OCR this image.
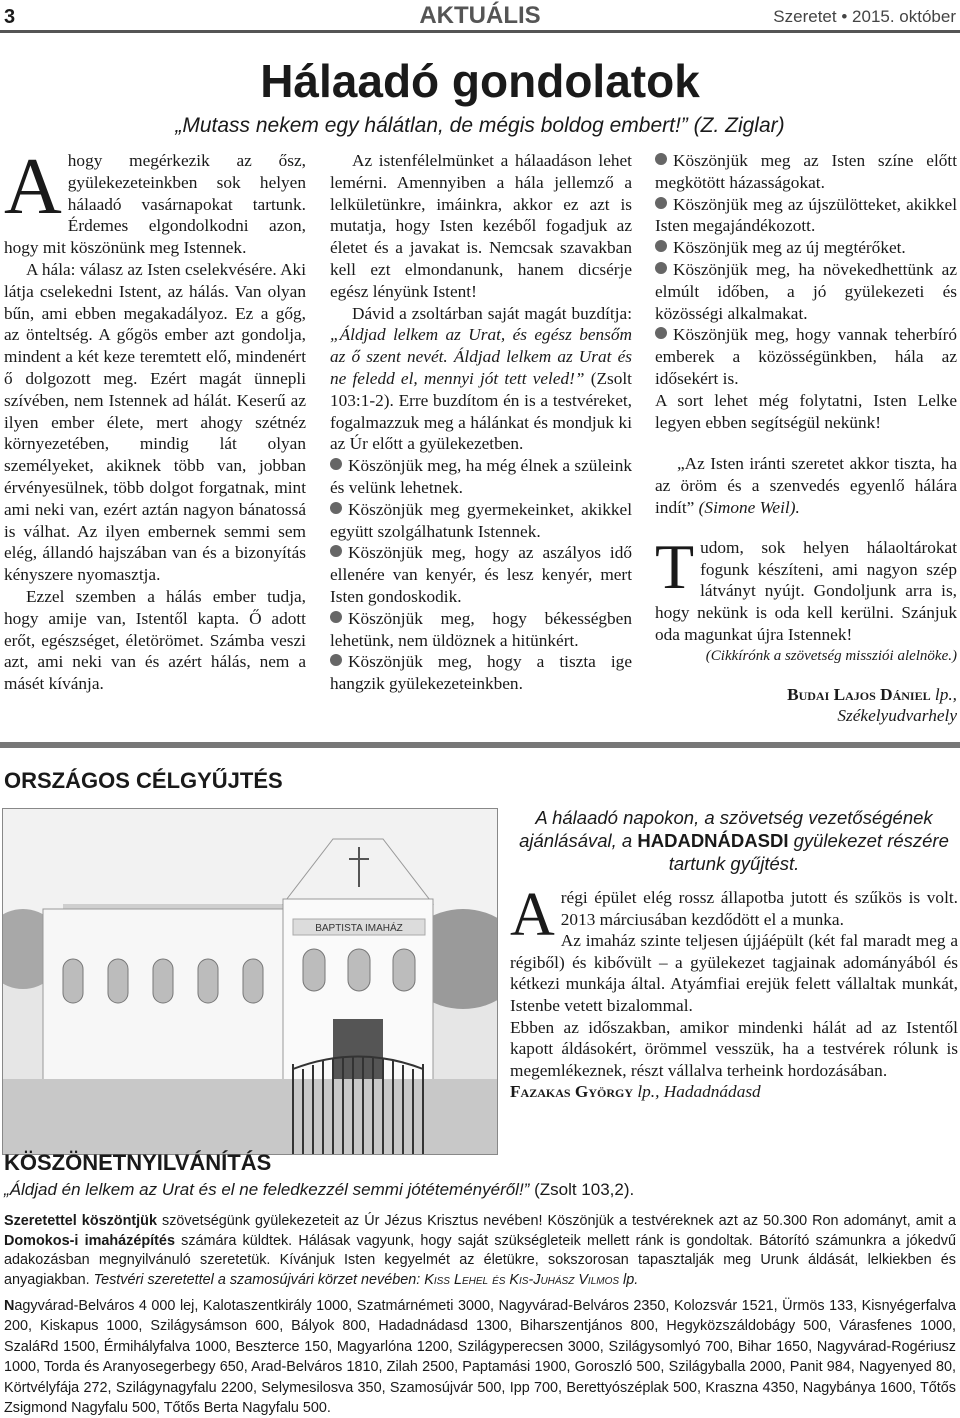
3	AKTUÁLIS	Szeretet • 2015. október
Hálaadó gondolatok
„Mutass nekem egy hálátlan, de mégis boldog embert!” (Z. Ziglar)

Ahogy megérkezik az ősz, gyülekezeteinkben sok helyen hálaadó vasárnapokat tartunk. Érdemes elgondolkodni azon, hogy mit köszönünk meg Istennek.

A hála: válasz az Isten cselekvésére. Aki látja cselekedni Istent, az hálás. Van olyan bűn, ami ebben megakadályoz. Ez a gőg, az önteltség. A gőgös ember azt gondolja, mindent a két keze teremtett elő, mindenért ő dolgozott meg. Ezért magát ünnepli szívében, nem Istennek ad hálát. Keserű az ilyen ember élete, mert ahogy szétnéz környezetében, mindig lát olyan személyeket, akiknek több van, jobban érvényesülnek, több dolgot forgatnak, mint ami neki van, ezért aztán nagyon bánatossá is válhat. Az ilyen embernek semmi sem elég, állandó hajszában van és a bizonyítás kényszere nyomasztja.

Ezzel szemben a hálás ember tudja, hogy amije van, Istentől kapta. Ő adott erőt, egészséget, életörömet. Számba veszi azt, ami neki van és azért hálás, nem a másét kívánja.

Az istenfélelmünket a hálaadáson lehet lemérni. Amennyiben a hála jellemző a lelkületünkre, imáinkra, akkor ez azt is mutatja, hogy Isten kezéből fogadjuk az életet és a javakat is. Nemcsak szavakban kell ezt elmondanunk, hanem dicsérje egész lényünk Istent!

Dávid a zsoltárban saját magát buzdítja: „Áldjad lelkem az Urat, és egész bensőm az ő szent nevét. Áldjad lelkem az Urat és ne feledd el, mennyi jót tett veled!” (Zsolt 103:1-2). Erre buzdítom én is a testvéreket, fogalmazzuk meg a hálánkat és mondjuk ki az Úr előtt a gyülekezetben.

Köszönjük meg, ha még élnek a szüleink és velünk lehetnek.

Köszönjük meg gyermekeinket, akikkel együtt szolgálhatunk Istennek.

Köszönjük meg, hogy az aszályos idő ellenére van kenyér, és lesz kenyér, mert Isten gondoskodik.

Köszönjük meg, hogy békességben lehetünk, nem üldöznek a hitünkért.

Köszönjük meg, hogy a tiszta ige hangzik gyülekezeteinkben.

Köszönjük meg az Isten színe előtt megkötött házasságokat.

Köszönjük meg az újszülötteket, akikkel Isten megajándékozott.

Köszönjük meg az új megtérőket.

Köszönjük meg, ha növekedhettünk az elmúlt időben, a jó gyülekezeti és közösségi alkalmakat.

Köszönjük meg, hogy vannak teherbíró emberek a közösségünkben, hála az idősekért is.

A sort lehet még folytatni, Isten Lelke legyen ebben segítségül nekünk!

„Az Isten iránti szeretet akkor tiszta, ha az öröm és a szenvedés egyenlő hálára indít” (Simone Weil).

Tudom, sok helyen hálaoltárokat fogunk készíteni, ami nagyon szép látványt nyújt. Gondoljunk arra is, hogy nekünk is oda kell kerülni. Szánjuk oda magunkat újra Istennek!

(Cikkírónk a szövetség missziói alelnöke.)

Budai Lajos Dániel lp.,

Székelyudvarhely

ORSZÁGOS CÉLGYŰJTÉS
BAPTISTA IMAHÁZ
A hálaadó napokon, a szövetség vezetőségének ajánlásával, a HADADNÁDASDI gyülekezet részére tartunk gyűjtést.

Arégi épület elég rossz állapotba jutott és szűkös is volt. 2013 márciusában kezdődött el a munka.

Az imaház szinte teljesen újjáépült (két fal maradt meg a régiből) és kibővült – a gyülekezet tagjainak adományából és kétkezi munkája által. Atyámfiai erejük felett vállaltak munkát, Istenbe vetett bizalommal.

Ebben az időszakban, amikor mindenki hálát ad az Istentől kapott áldásokért, örömmel vesszük, ha a testvérek rólunk is megemlékeznek, részt vállalva terheink hordozásában.

Fazakas György lp., Hadadnádasd

KÖSZÖNETNYILVÁNÍTÁS
„Áldjad én lelkem az Urat és el ne feledkezzél semmi jótéteményéről!” (Zsolt 103,2).
Szeretettel köszöntjük szövetségünk gyülekezeteit az Úr Jézus Krisztus nevében! Köszönjük a testvéreknek azt az 50.300 Ron adományt, amit a Domokos-i imaházépítés számára küldtek. Hálásak vagyunk, hogy saját szükségleteik mellett ránk is gondoltak. Bátorító számunkra a jókedvű adakozásban megnyilvánuló szeretetük. Kívánjuk Isten kegyelmét az életükre, sokszorosan tapasztalják meg Urunk áldását, lelkiekben és anyagiakban. Testvéri szeretettel a szamosújvári körzet nevében: Kiss Lehel és Kis-Juhász Vilmos lp.
Nagyvárad-Belváros 4 000 lej, Kalotaszentkirály 1000, Szatmárnémeti 3000, Nagyvárad-Belváros 2350, Kolozsvár 1521, Ürmös 133, Kisnyégerfalva 200, Kiskapus 1000, Szilágysámson 600, Bályok 800, Hadadnádasd 1300, Biharszentjános 800, Hegyközszáldobágy 500, Várasfenes 1000, SzaláRd 1500, Érmihályfalva 1000, Beszterce 150, Magyarlóna 1200, Szilágyperecsen 3000, Szilágysomlyó 700, Bihar 1650, Nagyvárad-Rogériusz 1000, Torda és Aranyosegerbegy 650, Arad-Belváros 1810, Zilah 2500, Paptamási 1900, Goroszló 500, Szilágyballa 2000, Panit 984, Nagyenyed 80, Körtvélyfája 272, Szilágynagyfalu 2200, Selymesilosva 350, Szamosújvár 500, Ipp 700, Berettyószéplak 500, Kraszna 4350, Nagybánya 1600, Tőtős Zsigmond Nagyfalu 500, Tőtős Berta Nagyfalu 500.
